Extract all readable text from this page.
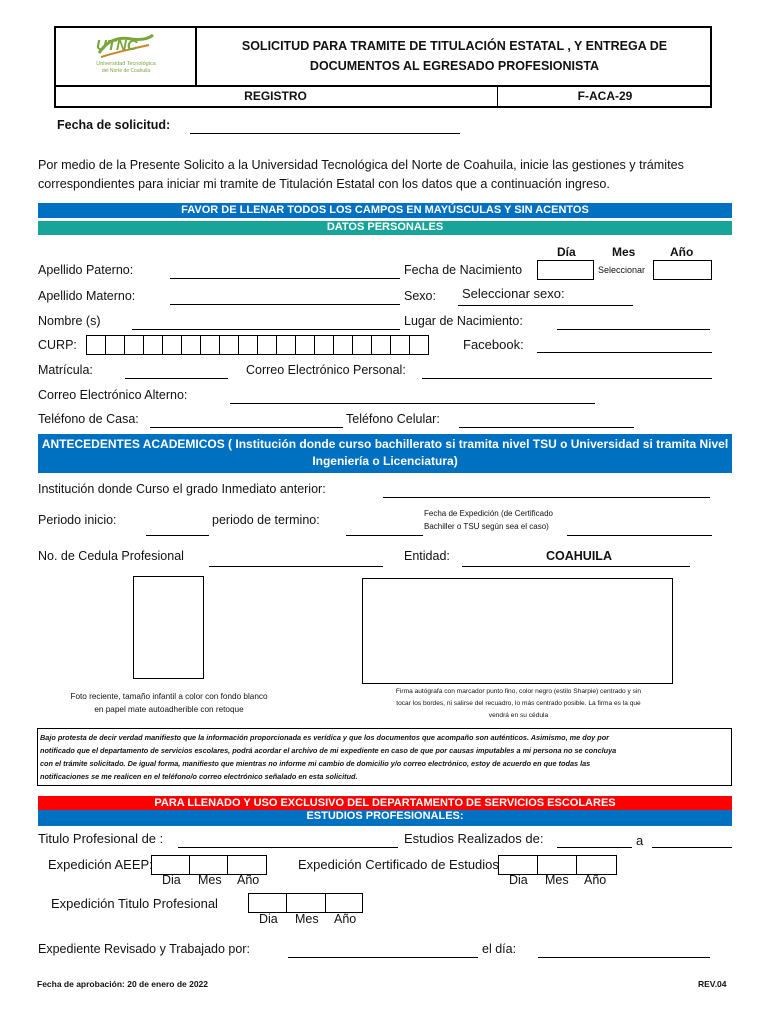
UTNC
Universidad Tecnológica
del Norte de Coahuila
SOLICITUD PARA TRAMITE DE TITULACIÓN ESTATAL , Y ENTREGA DE
DOCUMENTOS AL EGRESADO PROFESIONISTA
REGISTRO	F-ACA-29
Fecha de solicitud:
Por medio de la Presente Solicito a la Universidad Tecnológica del Norte de Coahuila, inicie las gestiones y trámites
correspondientes para iniciar mi tramite de Titulación Estatal con los datos que a continuación ingreso.
FAVOR DE LLENAR TODOS LOS CAMPOS EN MAYÚSCULAS Y SIN ACENTOS
DATOS PERSONALES
Día	Mes	Año
Apellido Paterno:	Fecha de Nacimiento	Seleccionar
Apellido Materno:	Sexo: Seleccionar sexo:
Nombre (s)	Lugar de Nacimiento:
CURP:	Facebook:
Matrícula:	Correo Electrónico Personal:
Correo Electrónico Alterno:
Teléfono de Casa:	Teléfono Celular:
ANTECEDENTES ACADEMICOS ( Institución donde curso bachillerato si tramita nivel TSU o Universidad si tramita Nivel
Ingeniería o Licenciatura)
Institución donde Curso el grado Inmediato anterior:
Periodo inicio:	periodo de termino:	Fecha de Expedición (de Certificado
Bachiller o TSU según sea el caso)
No. de Cedula Profesional	Entidad:	COAHUILA
Foto reciente, tamaño infantil a color con fondo blanco
en papel mate autoadherible con retoque
Firma autógrafa con marcador punto fino, color negro (estilo Sharpie) centrado y sin
tocar los bordes, ni salirse del recuadro, lo más centrado posible. La firma es la que
vendrá en su cédula
Bajo protesta de decir verdad manifiesto que la información proporcionada es verídica y que los documentos que acompaño son auténticos. Asimismo, me doy por
notificado que el departamento de servicios escolares, podrá acordar el archivo de mi expediente en caso de que por causas imputables a mi persona no se concluya
con el trámite solicitado. De igual forma, manifiesto que mientras no informe mi cambio de domicilio y/o correo electrónico, estoy de acuerdo en que todas las
notificaciones se me realicen en el teléfono/o correo electrónico señalado en esta solicitud.
PARA LLENADO Y USO EXCLUSIVO DEL DEPARTAMENTO DE SERVICIOS ESCOLARES
ESTUDIOS PROFESIONALES:
Titulo Profesional de :	Estudios Realizados de:	a
Expedición AEEP:
Dia Mes Año
Expedición Certificado de Estudios
Dia Mes Año
Expedición Titulo Profesional
Dia Mes Año
Expediente Revisado y Trabajado por:	el día:
Fecha de aprobación: 20 de enero de 2022	REV.04
